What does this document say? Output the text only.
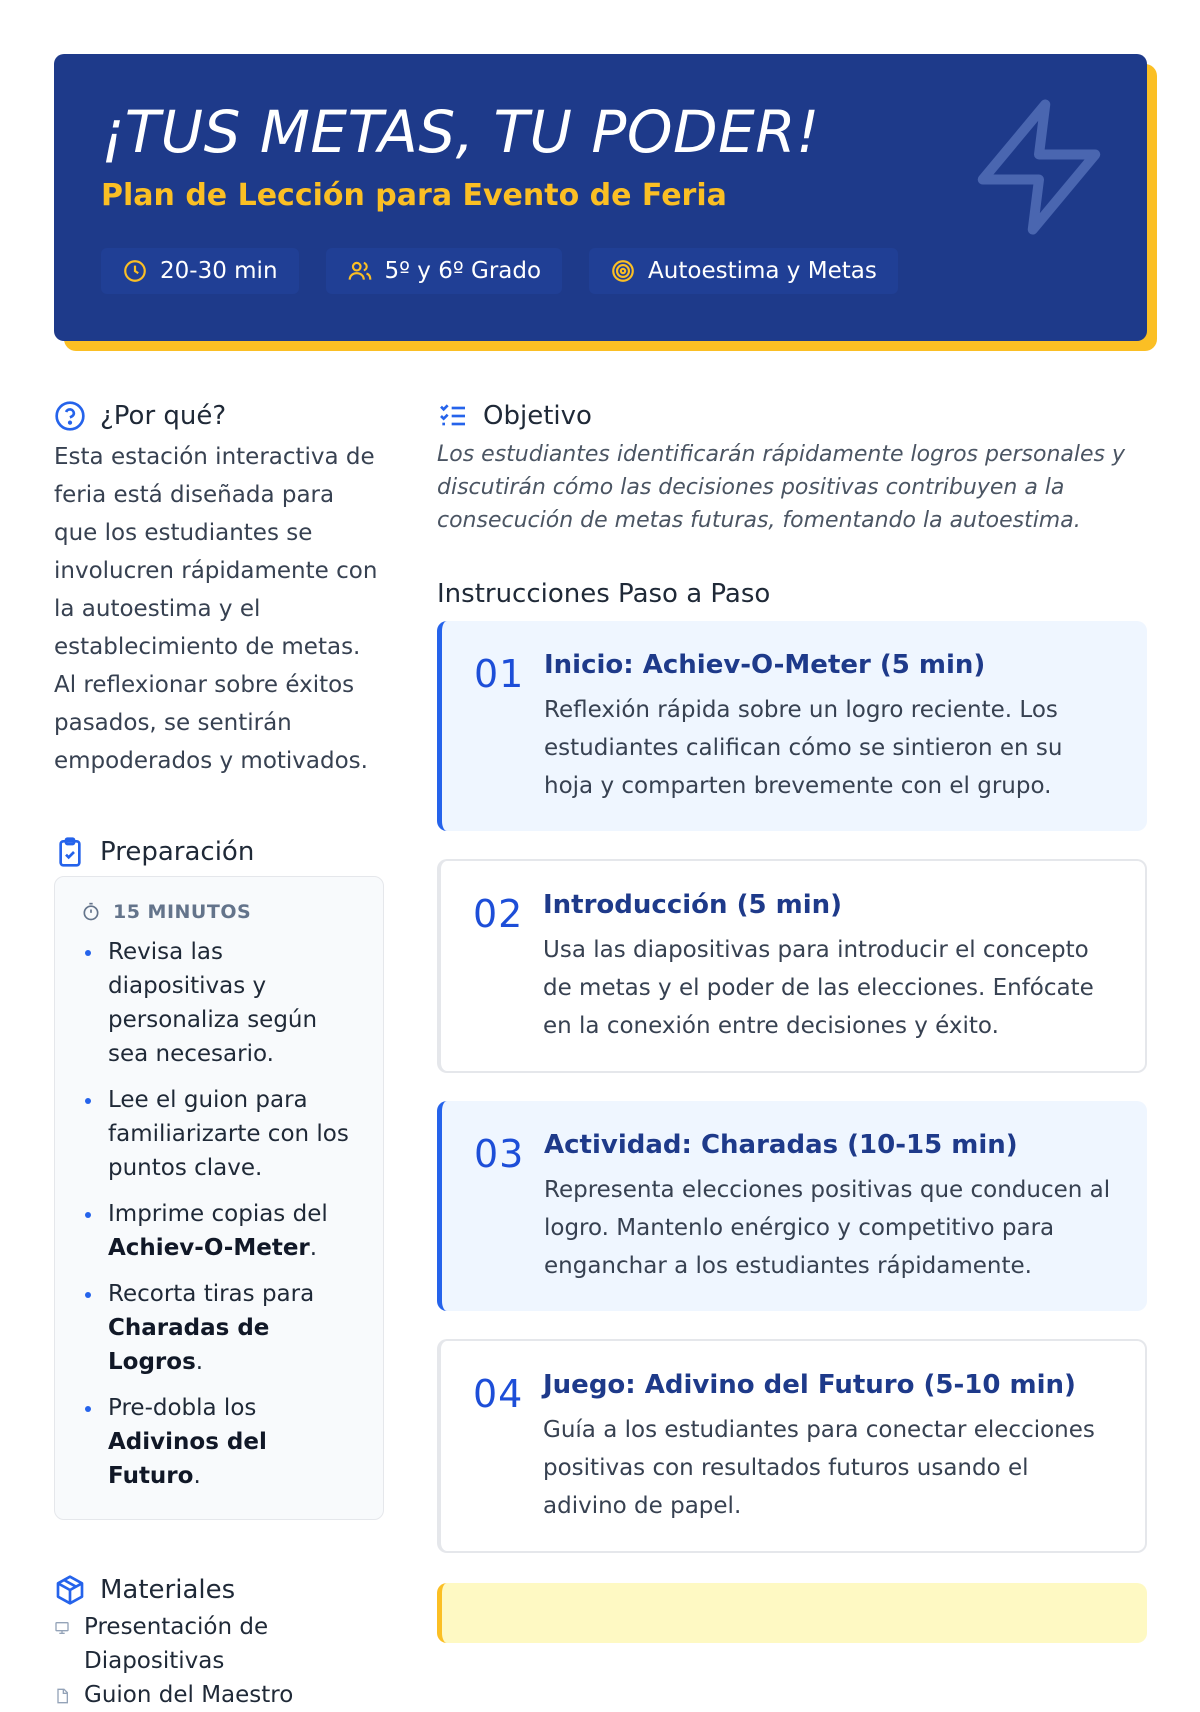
¡TUS METAS, TU PODER!
Plan de Lección para Evento de Feria
20-30 min	5º y 6º Grado	Autoestima y Metas
¿Por qué?

Esta estación interactiva de feria está diseñada para que los estudiantes se involucren rápidamente con la autoestima y el establecimiento de metas. Al reflexionar sobre éxitos pasados, se sentirán empoderados y motivados.

Preparación
15 MINUTOS
Revisa las diapositivas y personaliza según sea necesario.
Lee el guion para familiarizarte con los puntos clave.
Imprime copias del Achiev-O-Meter.
Recorta tiras para Charadas de Logros.
Pre-dobla los Adivinos del Futuro.
Materiales
Presentación de Diapositivas
Guion del Maestro
Objetivo

Los estudiantes identificarán rápidamente logros personales y discutirán cómo las decisiones positivas contribuyen a la consecución de metas futuras, fomentando la autoestima.

Instrucciones Paso a Paso
01 Inicio: Achiev-O-Meter (5 min)
Reflexión rápida sobre un logro reciente. Los estudiantes califican cómo se sintieron en su hoja y comparten brevemente con el grupo.
02 Introducción (5 min)
Usa las diapositivas para introducir el concepto de metas y el poder de las elecciones. Enfócate en la conexión entre decisiones y éxito.
03 Actividad: Charadas (10-15 min)
Representa elecciones positivas que conducen al logro. Mantenlo enérgico y competitivo para enganchar a los estudiantes rápidamente.
04 Juego: Adivino del Futuro (5-10 min)
Guía a los estudiantes para conectar elecciones positivas con resultados futuros usando el adivino de papel.
